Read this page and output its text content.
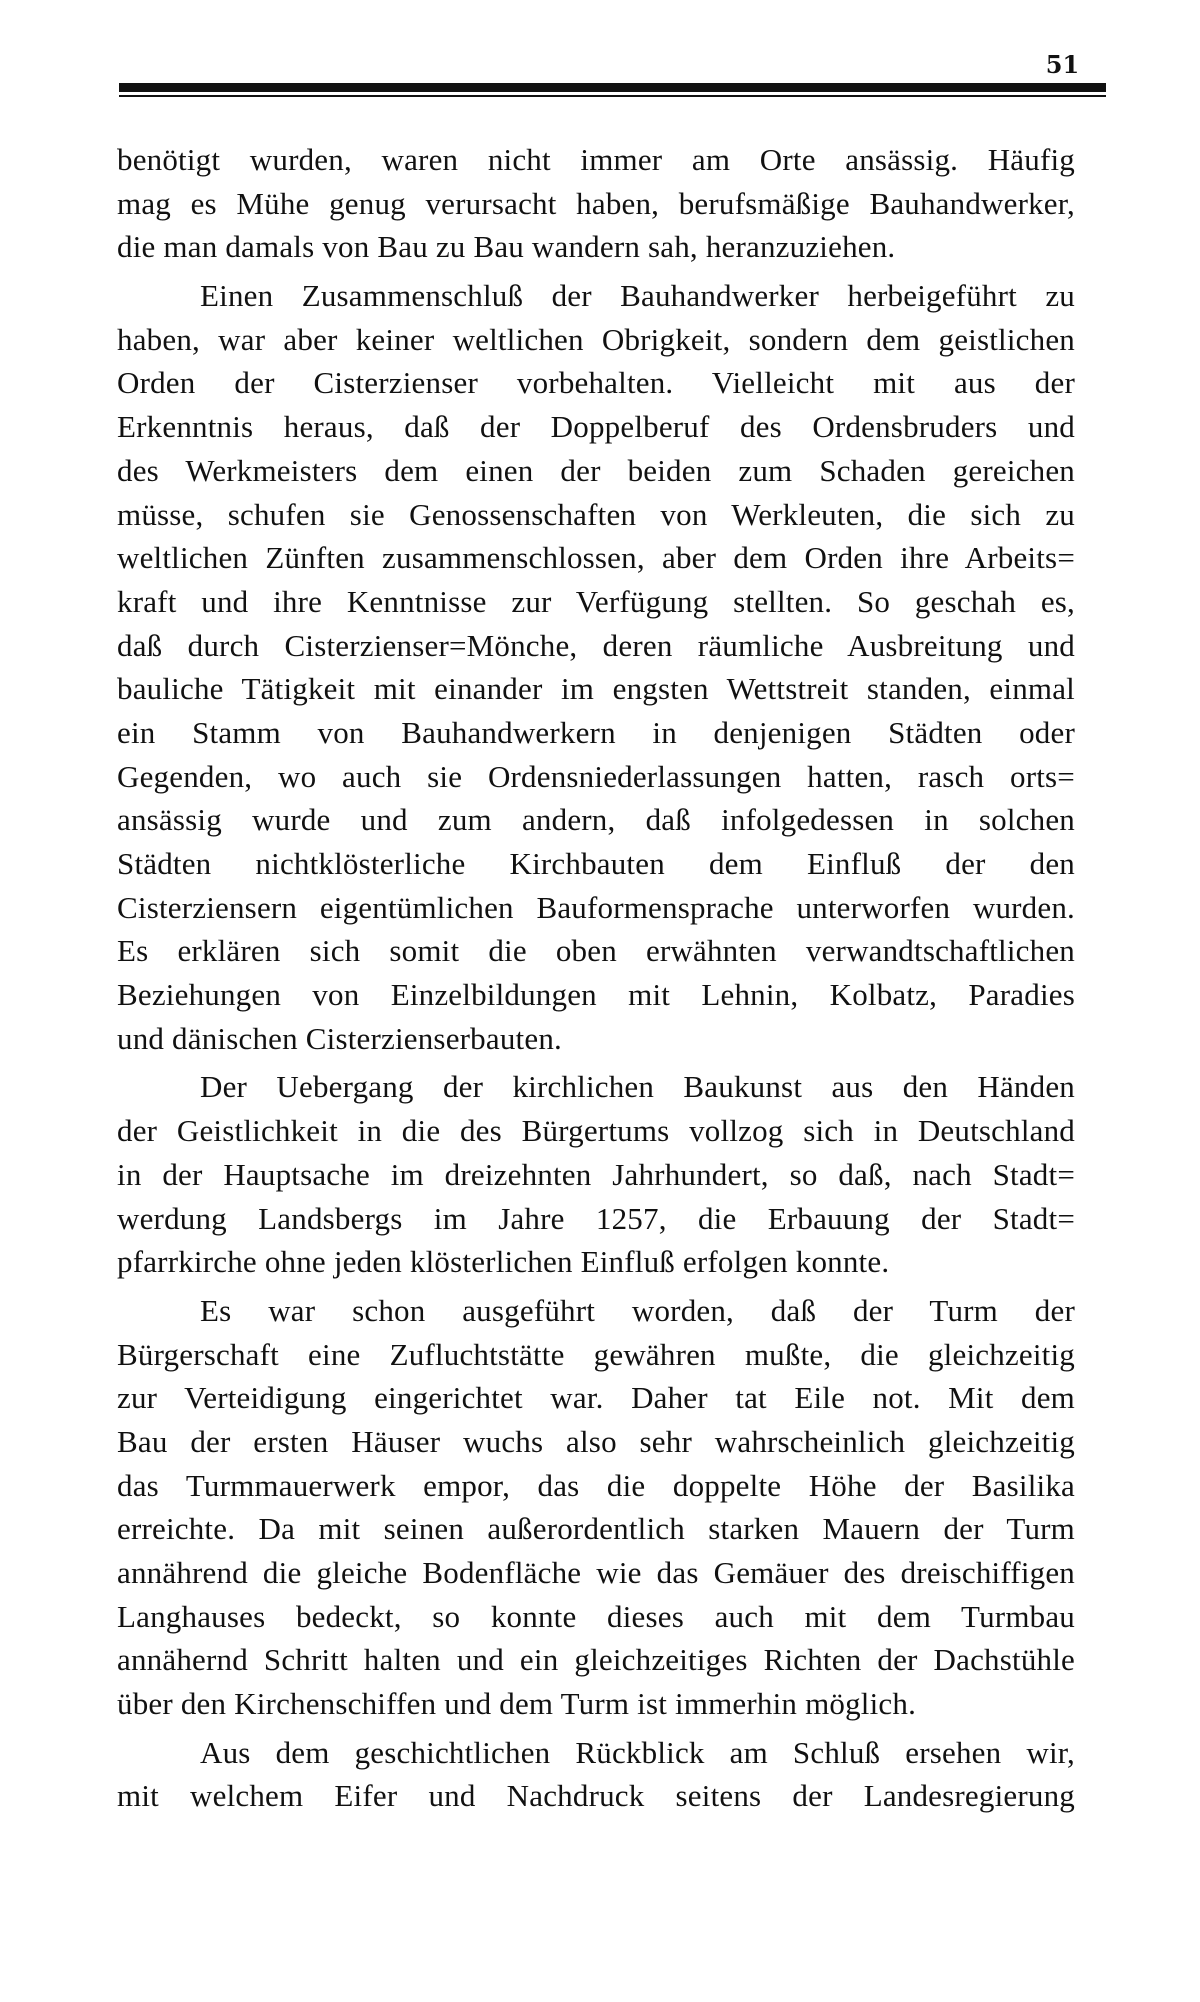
51
benötigt wurden, waren nicht immer am Orte ansässig. Häufig
mag es Mühe genug verursacht haben, berufsmäßige Bauhandwerker,
die man damals von Bau zu Bau wandern sah, heranzuziehen.
Einen Zusammenschluß der Bauhandwerker herbeigeführt zu
haben, war aber keiner weltlichen Obrigkeit, sondern dem geistlichen
Orden der Cisterzienser vorbehalten. Vielleicht mit aus der
Erkenntnis heraus, daß der Doppelberuf des Ordensbruders und
des Werkmeisters dem einen der beiden zum Schaden gereichen
müsse, schufen sie Genossenschaften von Werkleuten, die sich zu
weltlichen Zünften zusammenschlossen, aber dem Orden ihre Arbeits=
kraft und ihre Kenntnisse zur Verfügung stellten. So geschah es,
daß durch Cisterzienser=Mönche, deren räumliche Ausbreitung und
bauliche Tätigkeit mit einander im engsten Wettstreit standen, einmal
ein Stamm von Bauhandwerkern in denjenigen Städten oder
Gegenden, wo auch sie Ordensniederlassungen hatten, rasch orts=
ansässig wurde und zum andern, daß infolgedessen in solchen
Städten nichtklösterliche Kirchbauten dem Einfluß der den
Cisterziensern eigentümlichen Bauformensprache unterworfen wurden.
Es erklären sich somit die oben erwähnten verwandtschaftlichen
Beziehungen von Einzelbildungen mit Lehnin, Kolbatz, Paradies
und dänischen Cisterzienserbauten.
Der Uebergang der kirchlichen Baukunst aus den Händen
der Geistlichkeit in die des Bürgertums vollzog sich in Deutschland
in der Hauptsache im dreizehnten Jahrhundert, so daß, nach Stadt=
werdung Landsbergs im Jahre 1257, die Erbauung der Stadt=
pfarrkirche ohne jeden klösterlichen Einfluß erfolgen konnte.
Es war schon ausgeführt worden, daß der Turm der
Bürgerschaft eine Zufluchtstätte gewähren mußte, die gleichzeitig
zur Verteidigung eingerichtet war. Daher tat Eile not. Mit dem
Bau der ersten Häuser wuchs also sehr wahrscheinlich gleichzeitig
das Turmmauerwerk empor, das die doppelte Höhe der Basilika
erreichte. Da mit seinen außerordentlich starken Mauern der Turm
annährend die gleiche Bodenfläche wie das Gemäuer des dreischiffigen
Langhauses bedeckt, so konnte dieses auch mit dem Turmbau
annähernd Schritt halten und ein gleichzeitiges Richten der Dachstühle
über den Kirchenschiffen und dem Turm ist immerhin möglich.
Aus dem geschichtlichen Rückblick am Schluß ersehen wir,
mit welchem Eifer und Nachdruck seitens der Landesregierung
